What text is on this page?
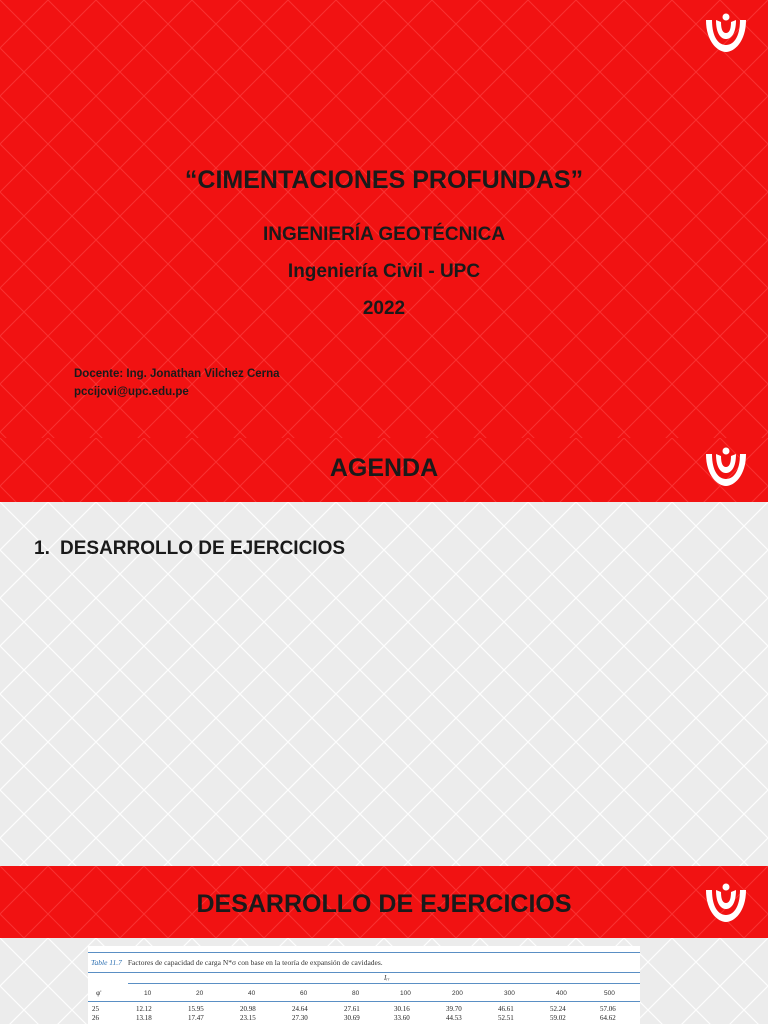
“CIMENTACIONES PROFUNDAS”
INGENIERÍA GEOTÉCNICA
Ingeniería Civil - UPC
2022
Docente: Ing. Jonathan Vilchez Cerna
pccijovi@upc.edu.pe
AGENDA
1. DESARROLLO DE EJERCICIOS
DESARROLLO DE EJERCICIOS
Table 11.7 Factores de capacidad de carga N*σ con base en la teoría de expansión de cavidades.
Iᵣᵣ
φ'	10	20	40	60	80	100	200	300	400	500
25	12.12	15.95	20.98	24.64	27.61	30.16	39.70	46.61	52.24	57.06
26	13.18	17.47	23.15	27.30	30.69	33.60	44.53	52.51	59.02	64.62
